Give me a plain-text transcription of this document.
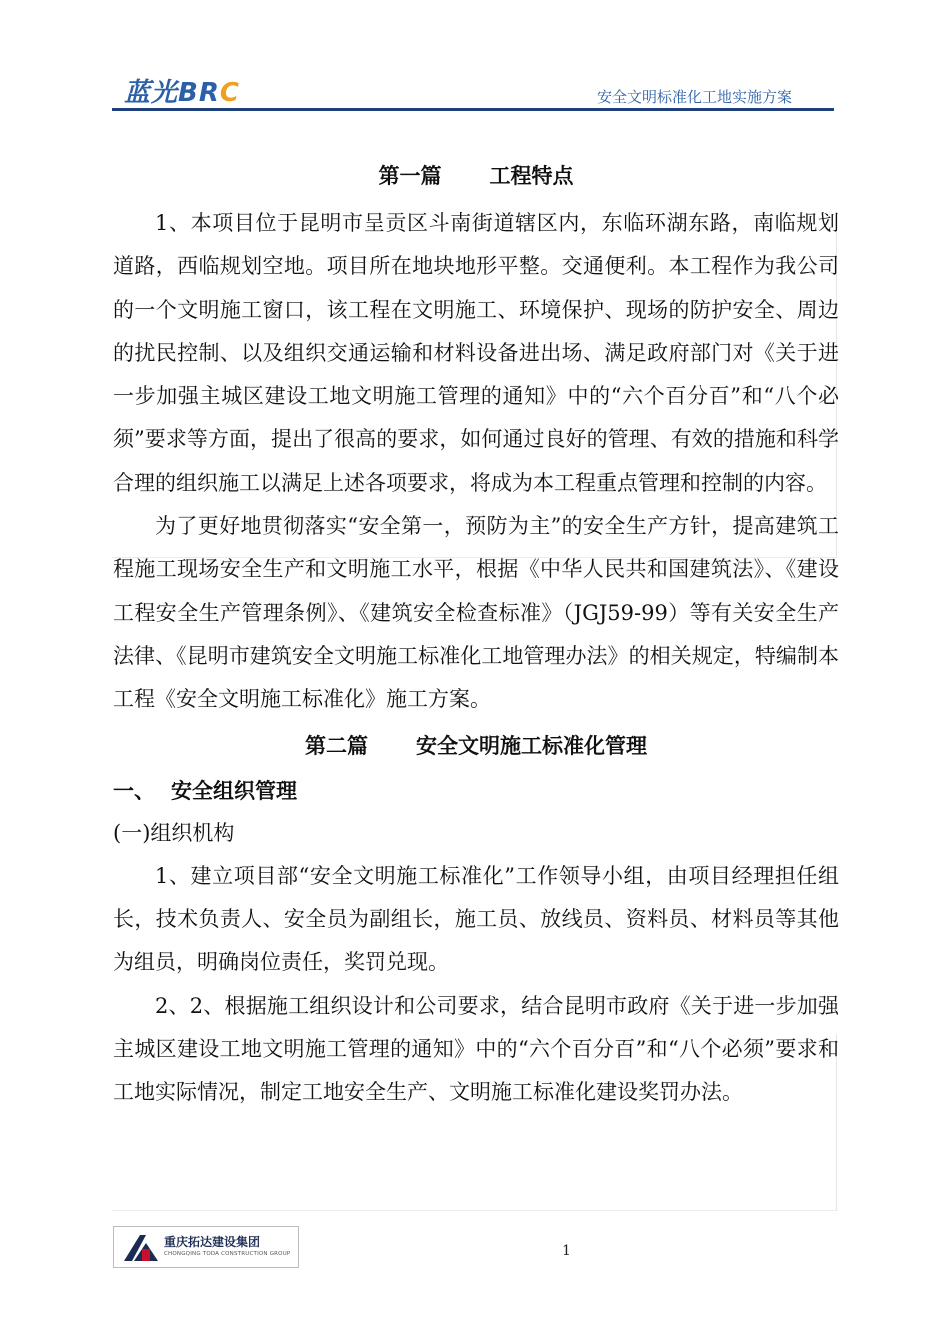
蓝光BRC	安全文明标准化工地实施方案
第一篇 工程特点

1、本项目位于昆明市呈贡区斗南街道辖区内，东临环湖东路，南临规划道路，西临规划空地。项目所在地块地形平整。交通便利。本工程作为我公司的一个文明施工窗口，该工程在文明施工、环境保护、现场的防护安全、周边的扰民控制、以及组织交通运输和材料设备进出场、满足政府部门对《关于进一步加强主城区建设工地文明施工管理的通知》中的“六个百分百”和“八个必须”要求等方面，提出了很高的要求，如何通过良好的管理、有效的措施和科学合理的组织施工以满足上述各项要求，将成为本工程重点管理和控制的内容。

为了更好地贯彻落实“安全第一，预防为主”的安全生产方针，提高建筑工程施工现场安全生产和文明施工水平，根据《中华人民共和国建筑法》、《建设工程安全生产管理条例》、《建筑安全检查标准》（JGJ59-99）等有关安全生产法律、《昆明市建筑安全文明施工标准化工地管理办法》的相关规定，特编制本工程《安全文明施工标准化》施工方案。

第二篇 安全文明施工标准化管理
一、 安全组织管理

(一)组织机构

1、建立项目部“安全文明施工标准化”工作领导小组，由项目经理担任组长，技术负责人、安全员为副组长，施工员、放线员、资料员、材料员等其他为组员，明确岗位责任，奖罚兑现。

2、2、根据施工组织设计和公司要求，结合昆明市政府《关于进一步加强主城区建设工地文明施工管理的通知》中的“六个百分百”和“八个必须”要求和工地实际情况，制定工地安全生产、文明施工标准化建设奖罚办法。

重庆拓达建设集团
CHONGQING TODA CONSTRUCTION GROUP	1
